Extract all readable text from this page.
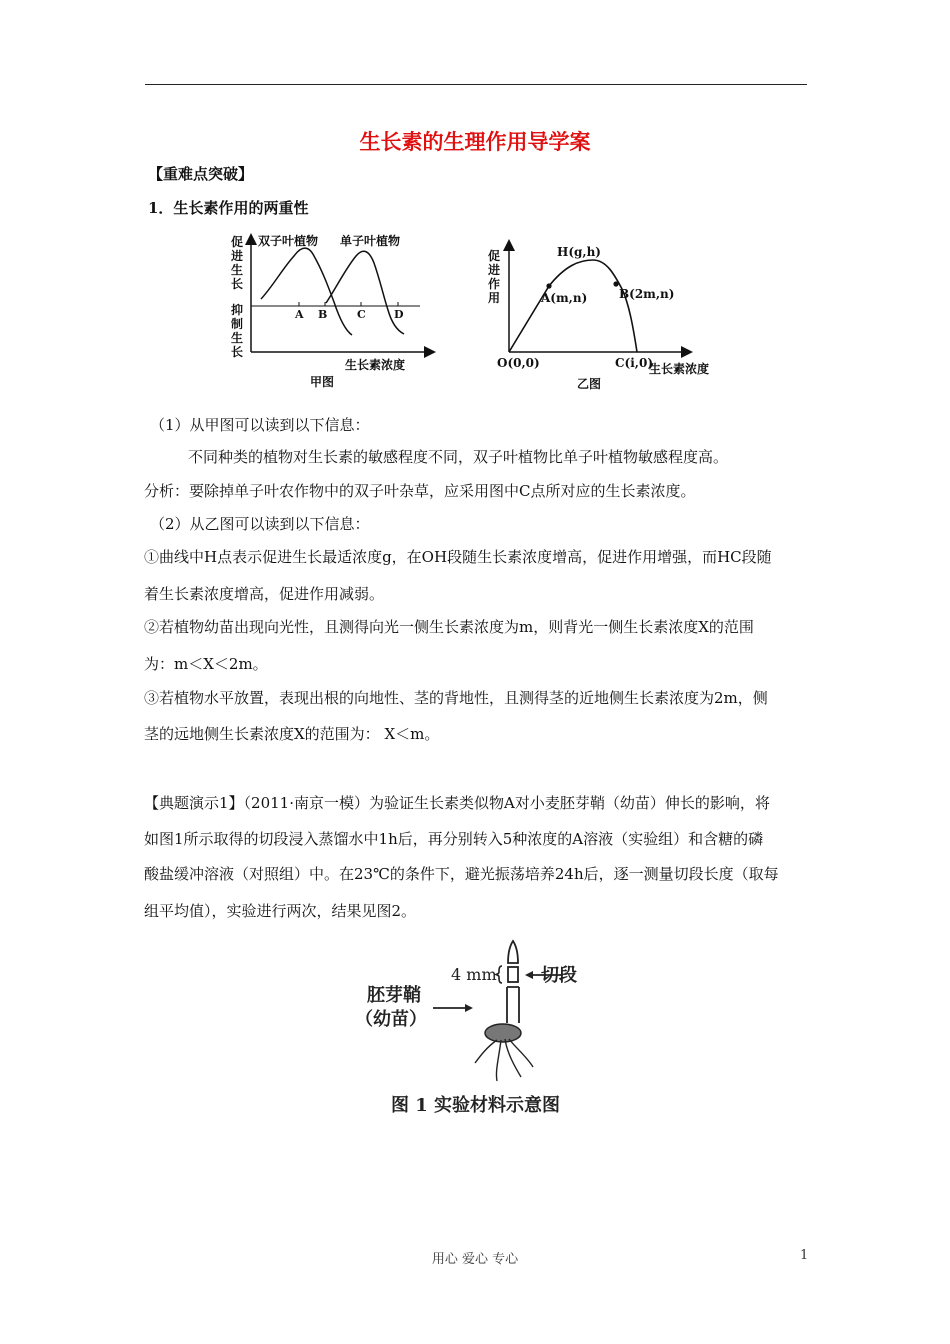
生长素的生理作用导学案
【重难点突破】
1．生长素作用的两重性
促
进
生
长
抑
制
生
长
双子叶植物 单子叶植物
生长素浓度
甲图
A B	C	D
促
进
作
用
H(g,h)
A(m,n)	B(2m,n)
O(0,0)	C(i,0)
生长素浓度
乙图
（1）从甲图可以读到以下信息：
不同种类的植物对生长素的敏感程度不同，双子叶植物比单子叶植物敏感程度高。
分析：要除掉单子叶农作物中的双子叶杂草，应采用图中C点所对应的生长素浓度。
（2）从乙图可以读到以下信息：
①曲线中H点表示促进生长最适浓度g，在OH段随生长素浓度增高，促进作用增强，而HC段随
着生长素浓度增高，促进作用减弱。
②若植物幼苗出现向光性，且测得向光一侧生长素浓度为m，则背光一侧生长素浓度X的范围
为：m＜X＜2m。
③若植物水平放置，表现出根的向地性、茎的背地性，且测得茎的近地侧生长素浓度为2m，侧
茎的远地侧生长素浓度X的范围为： X＜m。
【典题演示1】（2011·南京一模）为验证生长素类似物A对小麦胚芽鞘（幼苗）伸长的影响，将
如图1所示取得的切段浸入蒸馏水中1h后，再分别转入5种浓度的A溶液（实验组）和含糖的磷
酸盐缓冲溶液（对照组）中。在23℃的条件下，避光振荡培养24h后，逐一测量切段长度（取每
组平均值），实验进行两次，结果见图2。
4 mm 切段
胚芽鞘
（幼苗）
图 1 实验材料示意图
用心 爱心 专心	1
